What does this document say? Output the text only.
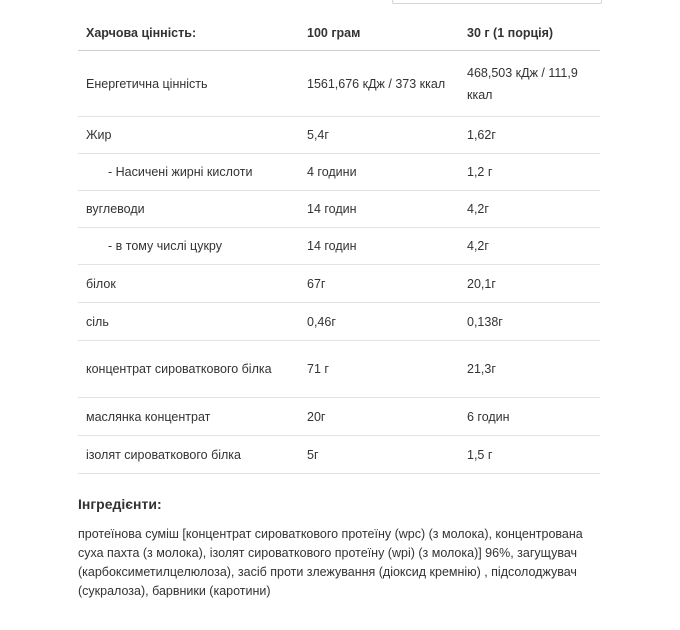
Харчова цінність:	100 грам	30 г (1 порція)
Енергетична цінність	1561,676 кДж / 373 ккал	468,503 кДж / 111,9 ккал
Жир	5,4г	1,62г
- Насичені жирні кислоти	4 години	1,2 г
вуглеводи	14 годин	4,2г
- в тому числі цукру	14 годин	4,2г
білок	67г	20,1г
сіль	0,46г	0,138г
концентрат сироваткового білка	71 г	21,3г
маслянка концентрат	20г	6 годин
ізолят сироваткового білка	5г	1,5 г
Інгредієнти:
протеїнова суміш [концентрат сироваткового протеїну (wpc) (з молока), концентрована суха пахта (з молока), ізолят сироваткового протеїну (wpi) (з молока)] 96%, загущувач (карбоксиметилцелюлоза), засіб проти злежування (діоксид кремнію) , підсолоджувач (сукралоза), барвники (каротини)
